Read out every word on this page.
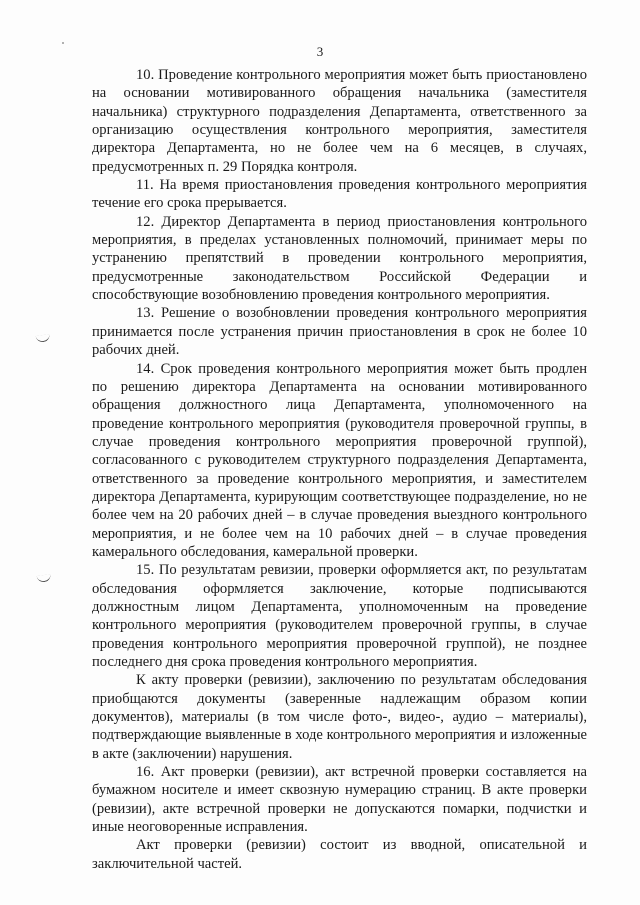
3

10. Проведение контрольного мероприятия может быть приостановлено на основании мотивированного обращения начальника (заместителя начальника) структурного подразделения Департамента, ответственного за организацию осуществления контрольного мероприятия, заместителя директора Департамента, но не более чем на 6 месяцев, в случаях, предусмотренных п. 29 Порядка контроля.

11. На время приостановления проведения контрольного мероприятия течение его срока прерывается.

12. Директор Департамента в период приостановления контрольного мероприятия, в пределах установленных полномочий, принимает меры по устранению препятствий в проведении контрольного мероприятия, предусмотренные законодательством Российской Федерации и способствующие возобновлению проведения контрольного мероприятия.

13. Решение о возобновлении проведения контрольного мероприятия принимается после устранения причин приостановления в срок не более 10 рабочих дней.

14. Срок проведения контрольного мероприятия может быть продлен по решению директора Департамента на основании мотивированного обращения должностного лица Департамента, уполномоченного на проведение контрольного мероприятия (руководителя проверочной группы, в случае проведения контрольного мероприятия проверочной группой), согласованного с руководителем структурного подразделения Департамента, ответственного за проведение контрольного мероприятия, и заместителем директора Департамента, курирующим соответствующее подразделение, но не более чем на 20 рабочих дней – в случае проведения выездного контрольного мероприятия, и не более чем на 10 рабочих дней – в случае проведения камерального обследования, камеральной проверки.

15. По результатам ревизии, проверки оформляется акт, по результатам обследования оформляется заключение, которые подписываются должностным лицом Департамента, уполномоченным на проведение контрольного мероприятия (руководителем проверочной группы, в случае проведения контрольного мероприятия проверочной группой), не позднее последнего дня срока проведения контрольного мероприятия.

К акту проверки (ревизии), заключению по результатам обследования приобщаются документы (заверенные надлежащим образом копии документов), материалы (в том числе фото-, видео-, аудио – материалы), подтверждающие выявленные в ходе контрольного мероприятия и изложенные в акте (заключении) нарушения.

16. Акт проверки (ревизии), акт встречной проверки составляется на бумажном носителе и имеет сквозную нумерацию страниц. В акте проверки (ревизии), акте встречной проверки не допускаются помарки, подчистки и иные неоговоренные исправления.

Акт проверки (ревизии) состоит из вводной, описательной и заключительной частей.
